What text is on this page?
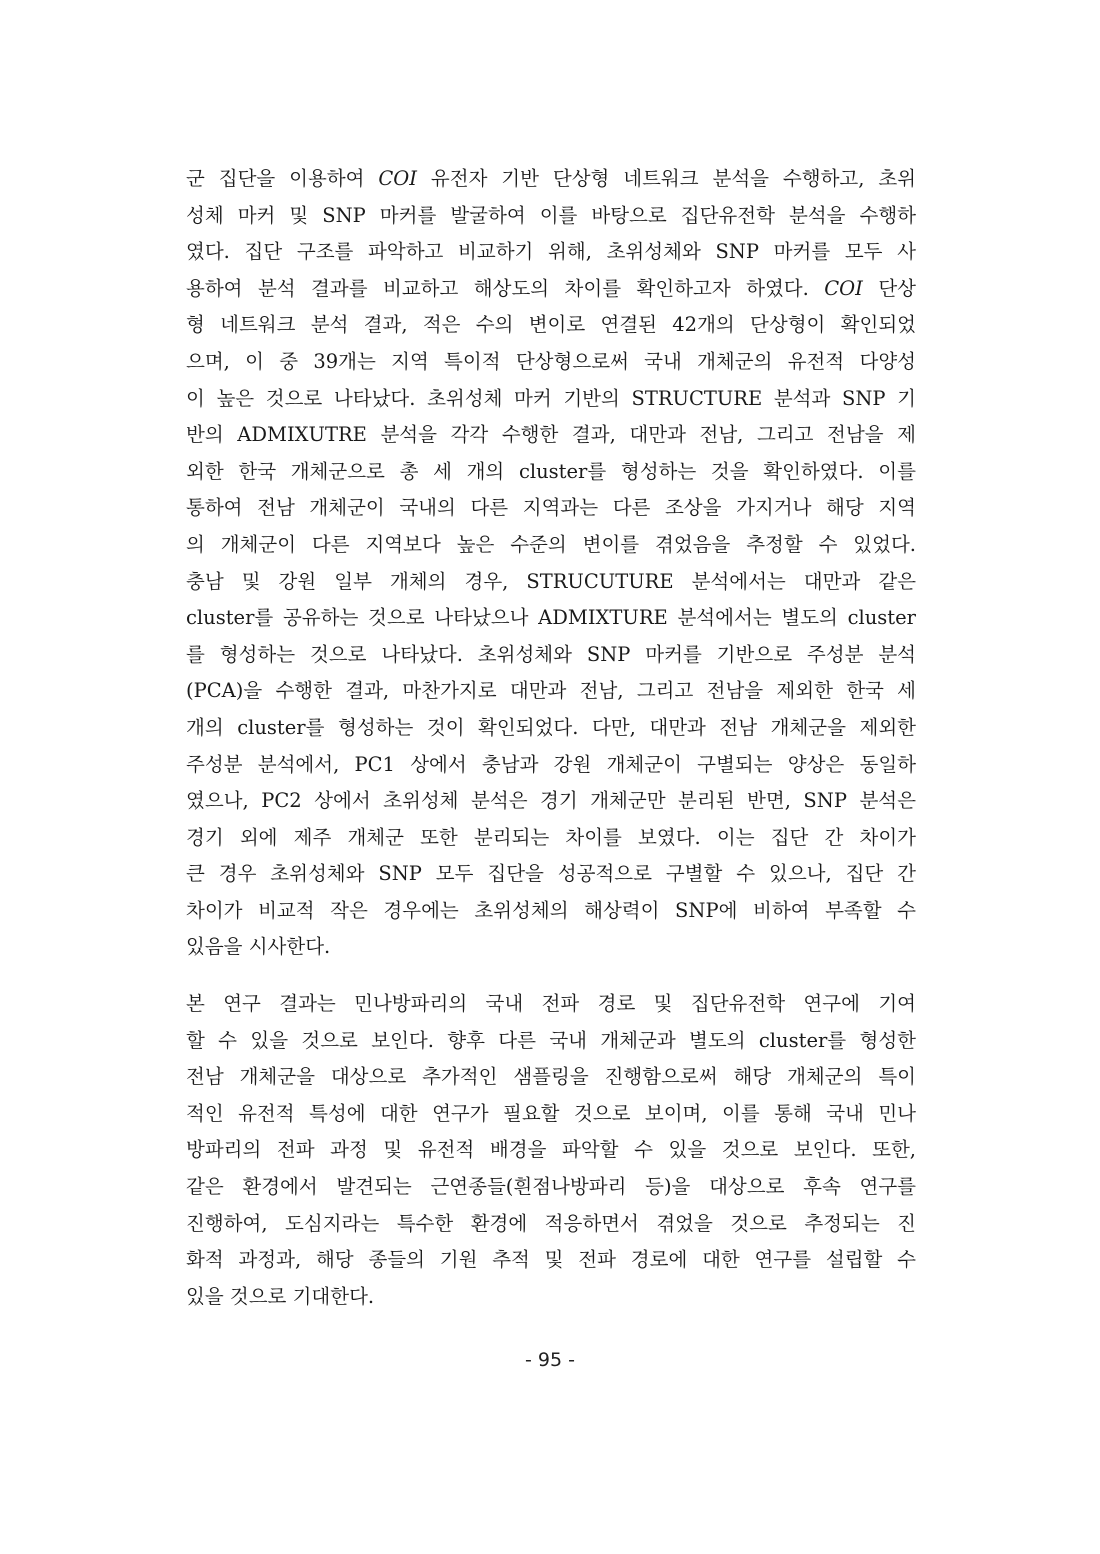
군 집단을 이용하여 COI 유전자 기반 단상형 네트워크 분석을 수행하고, 초위
성체 마커 및 SNP 마커를 발굴하여 이를 바탕으로 집단유전학 분석을 수행하
였다. 집단 구조를 파악하고 비교하기 위해, 초위성체와 SNP 마커를 모두 사
용하여 분석 결과를 비교하고 해상도의 차이를 확인하고자 하였다. COI 단상
형 네트워크 분석 결과, 적은 수의 변이로 연결된 42개의 단상형이 확인되었
으며, 이 중 39개는 지역 특이적 단상형으로써 국내 개체군의 유전적 다양성
이 높은 것으로 나타났다. 초위성체 마커 기반의 STRUCTURE 분석과 SNP 기
반의 ADMIXUTRE 분석을 각각 수행한 결과, 대만과 전남, 그리고 전남을 제
외한 한국 개체군으로 총 세 개의 cluster를 형성하는 것을 확인하였다. 이를
통하여 전남 개체군이 국내의 다른 지역과는 다른 조상을 가지거나 해당 지역
의 개체군이 다른 지역보다 높은 수준의 변이를 겪었음을 추정할 수 있었다.
충남 및 강원 일부 개체의 경우, STRUCUTURE 분석에서는 대만과 같은
cluster를 공유하는 것으로 나타났으나 ADMIXTURE 분석에서는 별도의 cluster
를 형성하는 것으로 나타났다. 초위성체와 SNP 마커를 기반으로 주성분 분석
(PCA)을 수행한 결과, 마찬가지로 대만과 전남, 그리고 전남을 제외한 한국 세
개의 cluster를 형성하는 것이 확인되었다. 다만, 대만과 전남 개체군을 제외한
주성분 분석에서, PC1 상에서 충남과 강원 개체군이 구별되는 양상은 동일하
였으나, PC2 상에서 초위성체 분석은 경기 개체군만 분리된 반면, SNP 분석은
경기 외에 제주 개체군 또한 분리되는 차이를 보였다. 이는 집단 간 차이가
큰 경우 초위성체와 SNP 모두 집단을 성공적으로 구별할 수 있으나, 집단 간
차이가 비교적 작은 경우에는 초위성체의 해상력이 SNP에 비하여 부족할 수
있음을 시사한다.
본 연구 결과는 민나방파리의 국내 전파 경로 및 집단유전학 연구에 기여
할 수 있을 것으로 보인다. 향후 다른 국내 개체군과 별도의 cluster를 형성한
전남 개체군을 대상으로 추가적인 샘플링을 진행함으로써 해당 개체군의 특이
적인 유전적 특성에 대한 연구가 필요할 것으로 보이며, 이를 통해 국내 민나
방파리의 전파 과정 및 유전적 배경을 파악할 수 있을 것으로 보인다. 또한,
같은 환경에서 발견되는 근연종들(흰점나방파리 등)을 대상으로 후속 연구를
진행하여, 도심지라는 특수한 환경에 적응하면서 겪었을 것으로 추정되는 진
화적 과정과, 해당 종들의 기원 추적 및 전파 경로에 대한 연구를 설립할 수
있을 것으로 기대한다.
- 95 -
